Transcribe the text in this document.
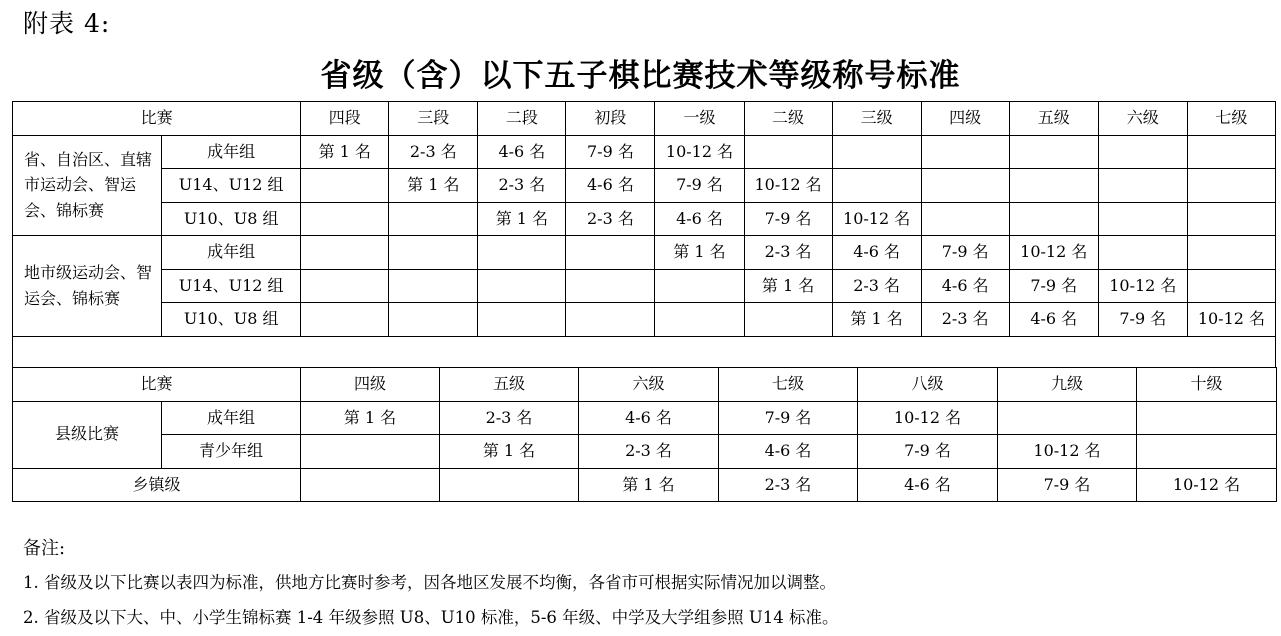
附表 4:
省级（含）以下五子棋比赛技术等级称号标准
比赛		四段	三段	二段	初段	一级	二级	三级	四级	五级	六级	七级
省、自治区、直辖市运动会、智运会、锦标赛	成年组	第 1 名	2-3 名	4-6 名	7-9 名	10-12 名						
	U14、U12 组		第 1 名	2-3 名	4-6 名	7-9 名	10-12 名					
	U10、U8 组			第 1 名	2-3 名	4-6 名	7-9 名	10-12 名				
地市级运动会、智运会、锦标赛	成年组					第 1 名	2-3 名	4-6 名	7-9 名	10-12 名		
	U14、U12 组						第 1 名	2-3 名	4-6 名	7-9 名	10-12 名	
	U10、U8 组							第 1 名	2-3 名	4-6 名	7-9 名	10-12 名

比赛		四级	五级	六级	七级	八级	九级	十级
县级比赛	成年组	第 1 名	2-3 名	4-6 名	7-9 名	10-12 名		
	青少年组		第 1 名	2-3 名	4-6 名	7-9 名	10-12 名	
乡镇级				第 1 名	2-3 名	4-6 名	7-9 名	10-12 名
备注:
1. 省级及以下比赛以表四为标准，供地方比赛时参考，因各地区发展不均衡，各省市可根据实际情况加以调整。
2. 省级及以下大、中、小学生锦标赛 1-4 年级参照 U8、U10 标准，5-6 年级、中学及大学组参照 U14 标准。
